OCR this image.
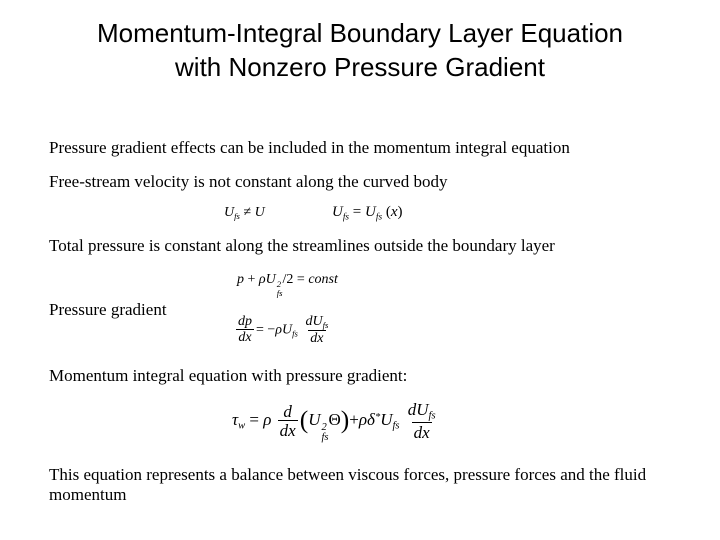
Momentum-Integral Boundary Layer Equation
with Nonzero Pressure Gradient

Pressure gradient effects can be included in the momentum integral equation

Free-stream velocity is not constant along the curved body

$U_{fs} \ne U$	$U_{fs} = U_{fs}$ (x)

Total pressure is constant along the streamlines outside the boundary layer

p + ρU 2
fs
/2 = const

Pressure gradient

$\frac{dp}{dx} = -\rho U_{fs} \frac{dU_{fs}}{dx}$

Momentum integral equation with pressure gradient:

$\tau_w = \rho \frac{d}{dx} (U$ 2
fs
$\Theta)+\rho\delta^*U_{fs} \frac{dU_{fs}}{dx}$

This equation represents a balance between viscous forces, pressure forces and the fluid

momentum
